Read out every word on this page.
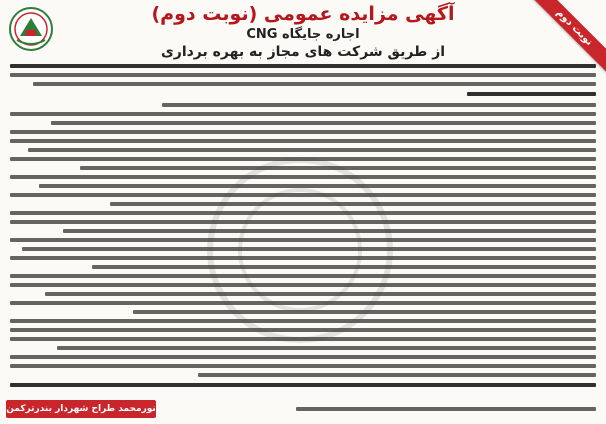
آگهی مزایده عمومی (نوبت دوم)
اجاره جایگاه CNG
از طریق شرکت های مجاز به بهره برداری
نوبت دوم
نورمحمد طراح شهردار بندرترکمن
